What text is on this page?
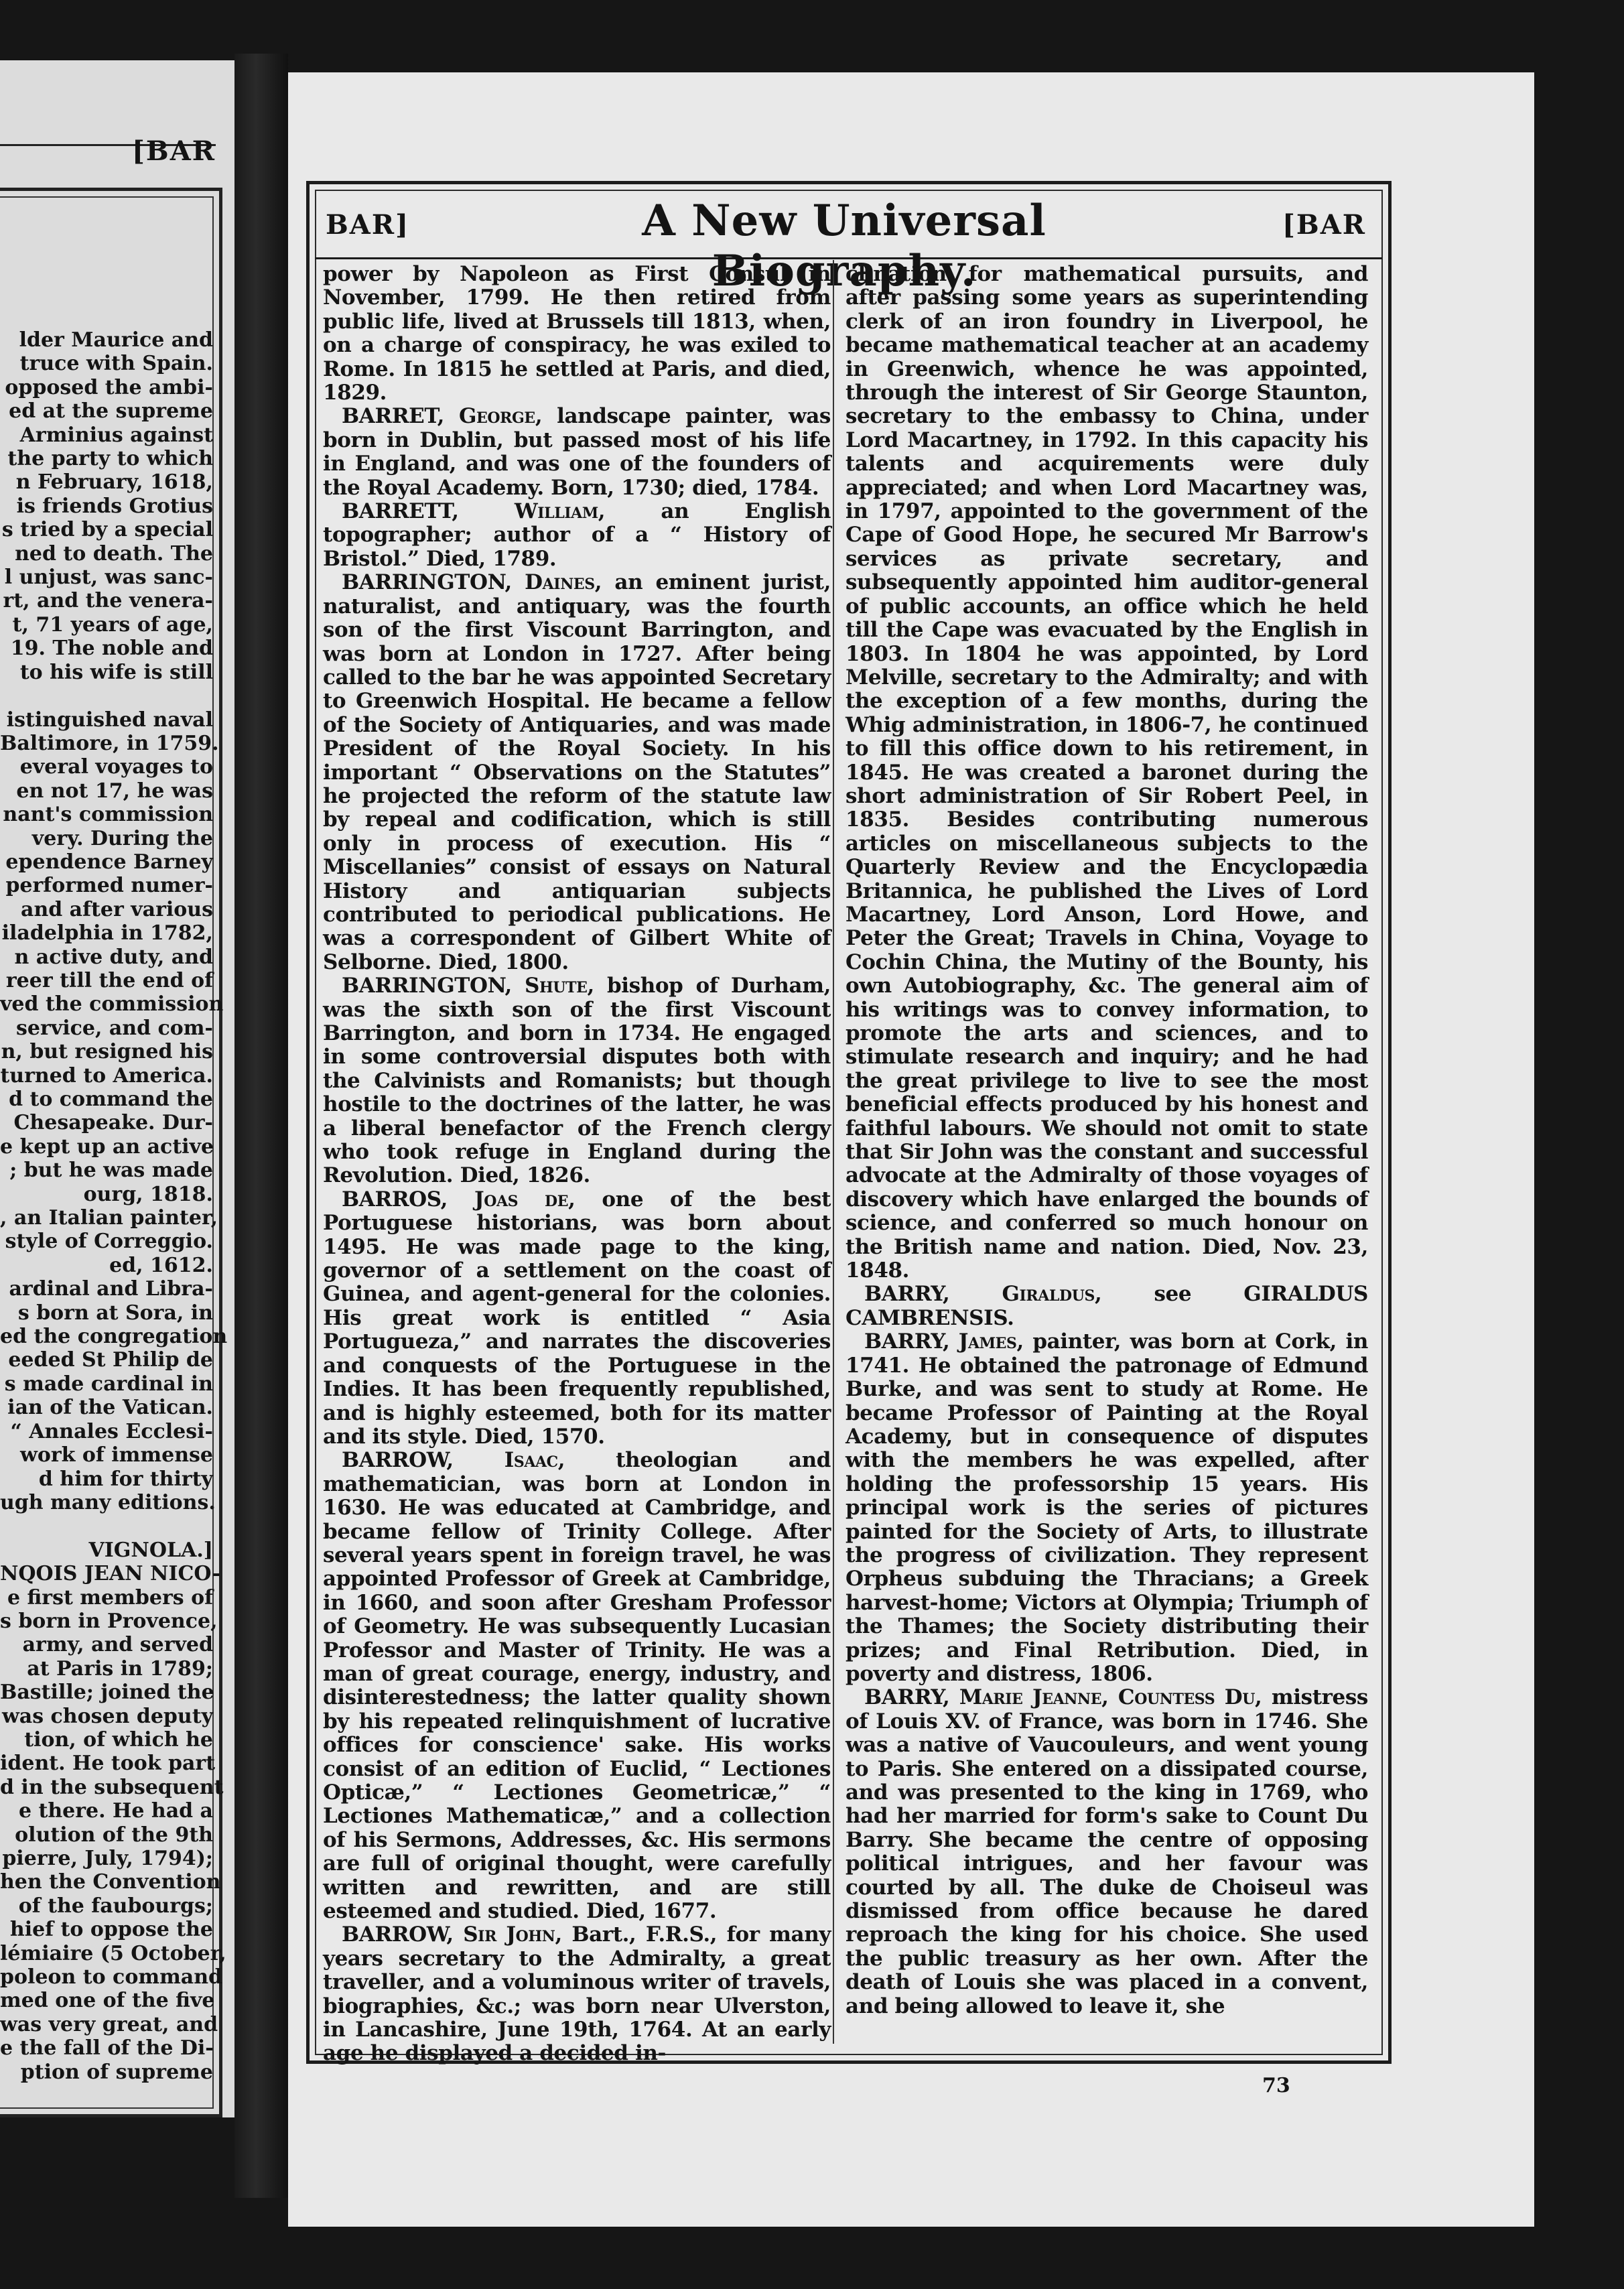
[BAR
lder Maurice and
truce with Spain.
opposed the ambi-
ed at the supreme
Arminius against
the party to which
n February, 1618,
is friends Grotius
s tried by a special
ned to death. The
l unjust, was sanc-
rt, and the venera-
t, 71 years of age,
19. The noble and
to his wife is still

istinguished naval
Baltimore, in 1759.
everal voyages to
en not 17, he was
nant's commission
very. During the
ependence Barney
performed numer-
and after various
iladelphia in 1782,
n active duty, and
reer till the end of
ved the commission
service, and com-
n, but resigned his
turned to America.
d to command the
Chesapeake. Dur-
e kept up an active
; but he was made
ourg, 1818.
, an Italian painter,
style of Correggio.
ed, 1612.
ardinal and Libra-
s born at Sora, in
ed the congregation
eeded St Philip de
s made cardinal in
ian of the Vatican.
“ Annales Ecclesi-
work of immense
d him for thirty
ugh many editions.

VIGNOLA.]
NQOIS JEAN NICO-
e first members of
s born in Provence,
army, and served
at Paris in 1789;
Bastille; joined the
was chosen deputy
tion, of which he
ident. He took part
d in the subsequent
e there. He had a
olution of the 9th
pierre, July, 1794);
hen the Convention
of the faubourgs;
hief to oppose the
lémiaire (5 October,
poleon to command
med one of the five
was very great, and
e the fall of the Di-
ption of supreme
BAR]	A New Universal Biography.
[BAR

power by Napoleon as First Consul in November, 1799. He then retired from public life, lived at Brussels till 1813, when, on a charge of conspiracy, he was exiled to Rome. In 1815 he settled at Paris, and died, 1829.

BARRET, George, landscape painter, was born in Dublin, but passed most of his life in England, and was one of the founders of the Royal Academy. Born, 1730; died, 1784.

BARRETT, William, an English topographer; author of a “ History of Bristol.” Died, 1789.

BARRINGTON, Daines, an eminent jurist, naturalist, and antiquary, was the fourth son of the first Viscount Barrington, and was born at London in 1727. After being called to the bar he was appointed Secretary to Greenwich Hospital. He became a fellow of the Society of Antiquaries, and was made President of the Royal Society. In his important “ Observations on the Statutes” he projected the reform of the statute law by repeal and codification, which is still only in process of execution. His “ Miscellanies” consist of essays on Natural History and antiquarian subjects contributed to periodical publications. He was a correspondent of Gilbert White of Selborne. Died, 1800.

BARRINGTON, Shute, bishop of Durham, was the sixth son of the first Viscount Barrington, and born in 1734. He engaged in some controversial disputes both with the Calvinists and Romanists; but though hostile to the doctrines of the latter, he was a liberal benefactor of the French clergy who took refuge in England during the Revolution. Died, 1826.

BARROS, Joas de, one of the best Portuguese historians, was born about 1495. He was made page to the king, governor of a settlement on the coast of Guinea, and agent-general for the colonies. His great work is entitled “ Asia Portugueza,” and narrates the discoveries and conquests of the Portuguese in the Indies. It has been frequently republished, and is highly esteemed, both for its matter and its style. Died, 1570.

BARROW, Isaac, theologian and mathematician, was born at London in 1630. He was educated at Cambridge, and became fellow of Trinity College. After several years spent in foreign travel, he was appointed Professor of Greek at Cambridge, in 1660, and soon after Gresham Professor of Geometry. He was subsequently Lucasian Professor and Master of Trinity. He was a man of great courage, energy, industry, and disinterestedness; the latter quality shown by his repeated relinquishment of lucrative offices for conscience' sake. His works consist of an edition of Euclid, “ Lectiones Opticæ,” “ Lectiones Geometricæ,” “ Lectiones Mathematicæ,” and a collection of his Sermons, Addresses, &c. His sermons are full of original thought, were carefully written and rewritten, and are still esteemed and studied. Died, 1677.

BARROW, Sir John, Bart., F.R.S., for many years secretary to the Admiralty, a great traveller, and a voluminous writer of travels, biographies, &c.; was born near Ulverston, in Lancashire, June 19th, 1764. At an early age he displayed a decided in-

clination for mathematical pursuits, and after passing some years as superintending clerk of an iron foundry in Liverpool, he became mathematical teacher at an academy in Greenwich, whence he was appointed, through the interest of Sir George Staunton, secretary to the embassy to China, under Lord Macartney, in 1792. In this capacity his talents and acquirements were duly appreciated; and when Lord Macartney was, in 1797, appointed to the government of the Cape of Good Hope, he secured Mr Barrow's services as private secretary, and subsequently appointed him auditor-general of public accounts, an office which he held till the Cape was evacuated by the English in 1803. In 1804 he was appointed, by Lord Melville, secretary to the Admiralty; and with the exception of a few months, during the Whig administration, in 1806-7, he continued to fill this office down to his retirement, in 1845. He was created a baronet during the short administration of Sir Robert Peel, in 1835. Besides contributing numerous articles on miscellaneous subjects to the Quarterly Review and the Encyclopædia Britannica, he published the Lives of Lord Macartney, Lord Anson, Lord Howe, and Peter the Great; Travels in China, Voyage to Cochin China, the Mutiny of the Bounty, his own Autobiography, &c. The general aim of his writings was to convey information, to promote the arts and sciences, and to stimulate research and inquiry; and he had the great privilege to live to see the most beneficial effects produced by his honest and faithful labours. We should not omit to state that Sir John was the constant and successful advocate at the Admiralty of those voyages of discovery which have enlarged the bounds of science, and conferred so much honour on the British name and nation. Died, Nov. 23, 1848.

BARRY, Giraldus, see GIRALDUS CAMBRENSIS.

BARRY, James, painter, was born at Cork, in 1741. He obtained the patronage of Edmund Burke, and was sent to study at Rome. He became Professor of Painting at the Royal Academy, but in consequence of disputes with the members he was expelled, after holding the professorship 15 years. His principal work is the series of pictures painted for the Society of Arts, to illustrate the progress of civilization. They represent Orpheus subduing the Thracians; a Greek harvest-home; Victors at Olympia; Triumph of the Thames; the Society distributing their prizes; and Final Retribution. Died, in poverty and distress, 1806.

BARRY, Marie Jeanne, Countess Du, mistress of Louis XV. of France, was born in 1746. She was a native of Vaucouleurs, and went young to Paris. She entered on a dissipated course, and was presented to the king in 1769, who had her married for form's sake to Count Du Barry. She became the centre of opposing political intrigues, and her favour was courted by all. The duke de Choiseul was dismissed from office because he dared reproach the king for his choice. She used the public treasury as her own. After the death of Louis she was placed in a convent, and being allowed to leave it, she

73
